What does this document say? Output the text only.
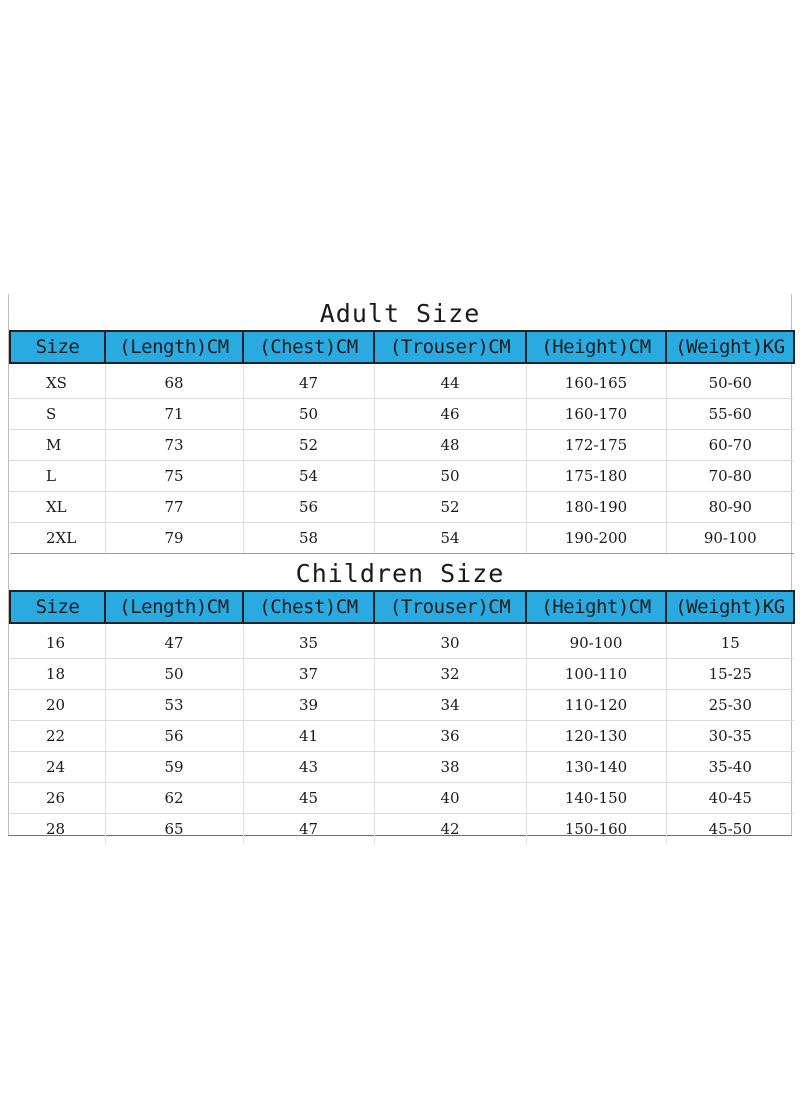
Adult Size
Size	(Length)CM	(Chest)CM	(Trouser)CM	(Height)CM	(Weight)KG
XS	68	47	44	160-165	50-60
S	71	50	46	160-170	55-60
M	73	52	48	172-175	60-70
L	75	54	50	175-180	70-80
XL	77	56	52	180-190	80-90
2XL	79	58	54	190-200	90-100
Children Size
Size	(Length)CM	(Chest)CM	(Trouser)CM	(Height)CM	(Weight)KG
16	47	35	30	90-100	15
18	50	37	32	100-110	15-25
20	53	39	34	110-120	25-30
22	56	41	36	120-130	30-35
24	59	43	38	130-140	35-40
26	62	45	40	140-150	40-45
28	65	47	42	150-160	45-50
